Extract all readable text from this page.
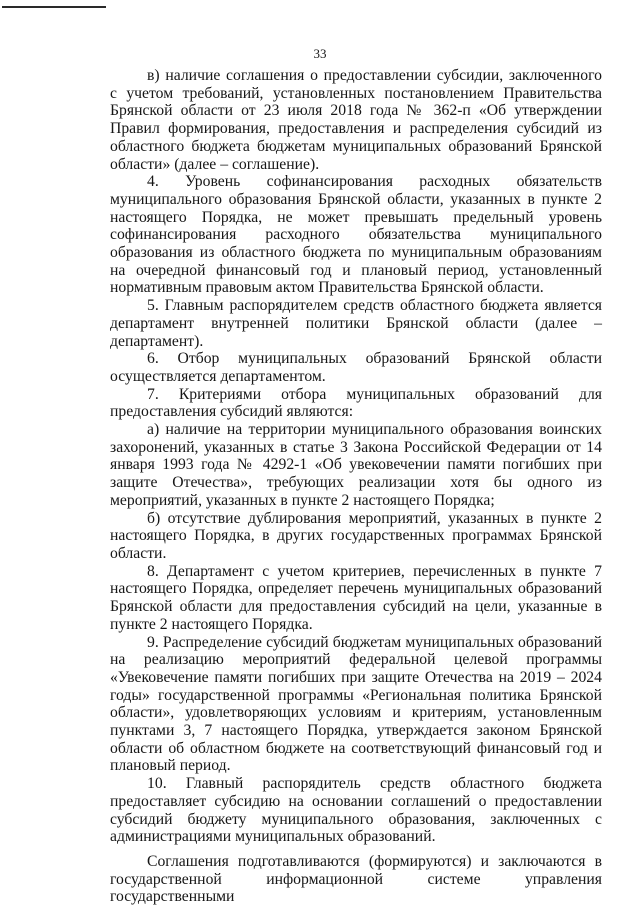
33

в) наличие соглашения о предоставлении субсидии, заключенного с учетом требований, установленных постановлением Правительства Брянской области от 23 июля 2018 года № 362-п «Об утверждении Правил формирования, предоставления и распределения субсидий из областного бюджета бюджетам муниципальных образований Брянской области» (далее – соглашение).

4. Уровень софинансирования расходных обязательств муниципального образования Брянской области, указанных в пункте 2 настоящего Порядка, не может превышать предельный уровень софинансирования расходного обязательства муниципального образования из областного бюджета по муниципальным образованиям на очередной финансовый год и плановый период, установленный нормативным правовым актом Правительства Брянской области.

5. Главным распорядителем средств областного бюджета является департамент внутренней политики Брянской области (далее – департамент).

6. Отбор муниципальных образований Брянской области осуществляется департаментом.

7. Критериями отбора муниципальных образований для предоставления субсидий являются:

а) наличие на территории муниципального образования воинских захоронений, указанных в статье 3 Закона Российской Федерации от 14 января 1993 года № 4292-1 «Об увековечении памяти погибших при защите Отечества», требующих реализации хотя бы одного из мероприятий, указанных в пункте 2 настоящего Порядка;

б) отсутствие дублирования мероприятий, указанных в пункте 2 настоящего Порядка, в других государственных программах Брянской области.

8. Департамент с учетом критериев, перечисленных в пункте 7 настоящего Порядка, определяет перечень муниципальных образований Брянской области для предоставления субсидий на цели, указанные в пункте 2 настоящего Порядка.

9. Распределение субсидий бюджетам муниципальных образований на реализацию мероприятий федеральной целевой программы «Увековечение памяти погибших при защите Отечества на 2019 – 2024 годы» государственной программы «Региональная политика Брянской области», удовлетворяющих условиям и критериям, установленным пунктами 3, 7 настоящего Порядка, утверждается законом Брянской области об областном бюджете на соответствующий финансовый год и плановый период.

10. Главный распорядитель средств областного бюджета предоставляет субсидию на основании соглашений о предоставлении субсидий бюджету муниципального образования, заключенных с администрациями муниципальных образований.

Соглашения подготавливаются (формируются) и заключаются в государственной информационной системе управления государственными
